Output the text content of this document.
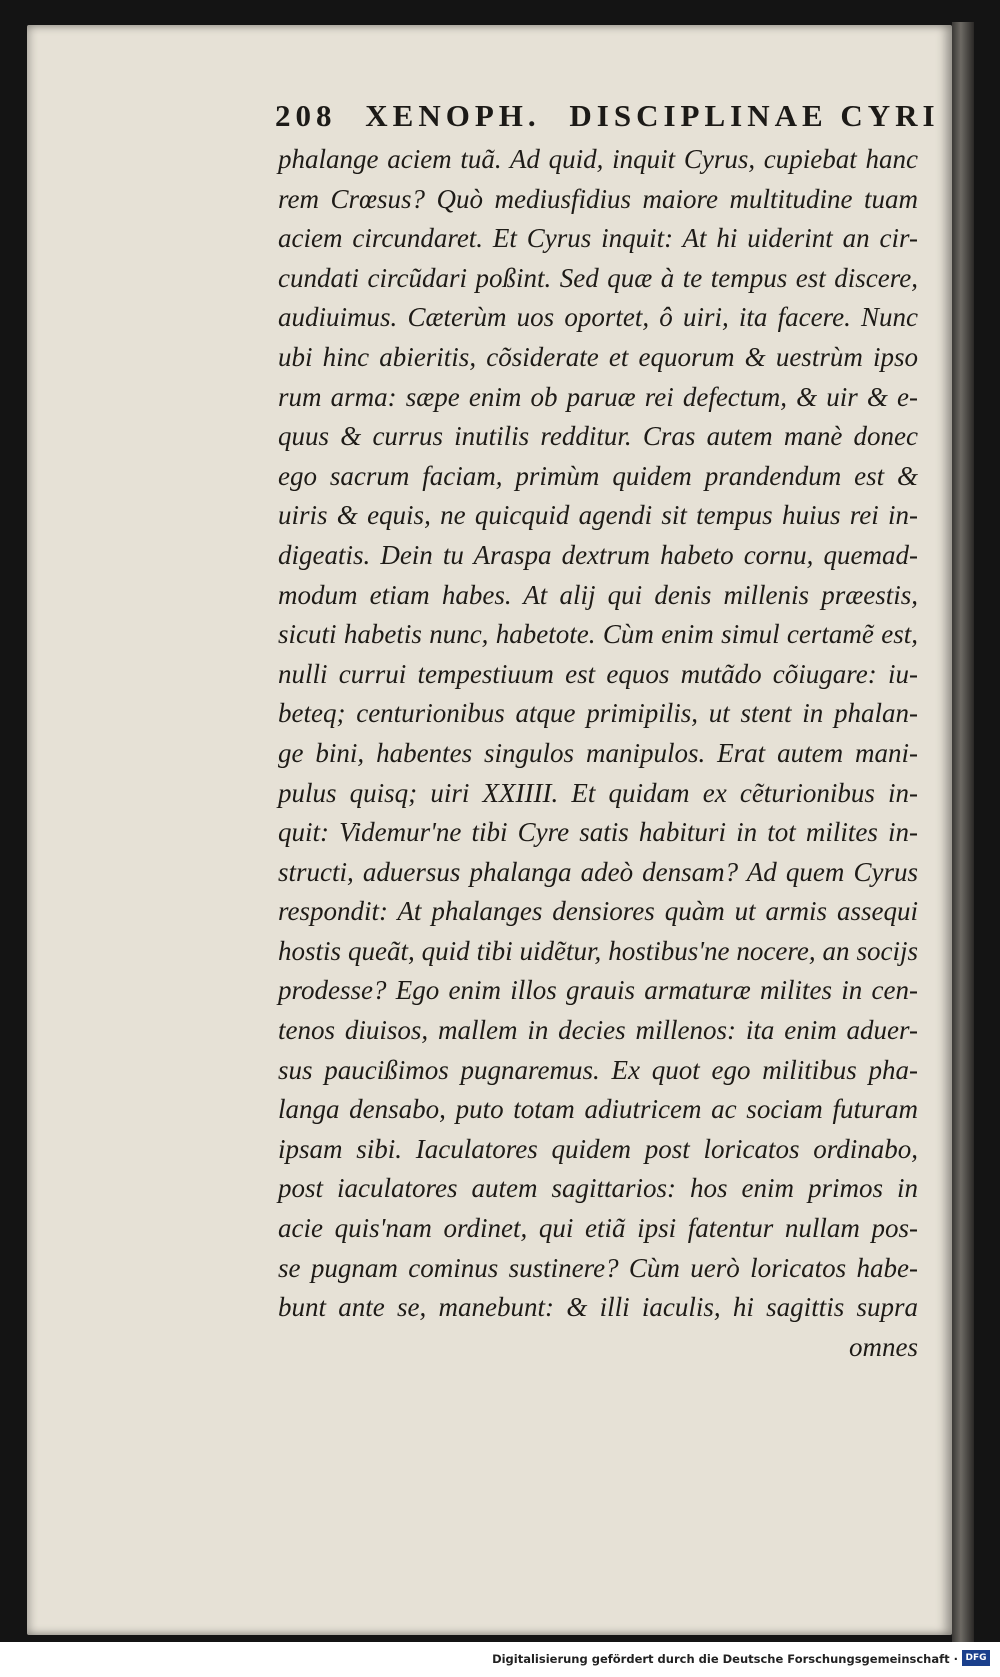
208 XENOPH. DISCIPLINAE CYRI
phalange aciem tuã. Ad quid, inquit Cyrus, cupiebat hanc
rem Crœsus? Quò mediusfidius maiore multitudine tuam
aciem circundaret. Et Cyrus inquit: At hi uiderint an cir-
cundati circũdari poßint. Sed quæ à te tempus est discere,
audiuimus. Cæterùm uos oportet, ô uiri, ita facere. Nunc
ubi hinc abieritis, cõsiderate et equorum & uestrùm ipso
rum arma: sæpe enim ob paruæ rei defectum, & uir & e-
quus & currus inutilis redditur. Cras autem manè donec
ego sacrum faciam, primùm quidem prandendum est &
uiris & equis, ne quicquid agendi sit tempus huius rei in-
digeatis. Dein tu Araspa dextrum habeto cornu, quemad-
modum etiam habes. At alij qui denis millenis præestis,
sicuti habetis nunc, habetote. Cùm enim simul certamẽ est,
nulli currui tempestiuum est equos mutãdo cõiugare: iu-
beteq; centurionibus atque primipilis, ut stent in phalan-
ge bini, habentes singulos manipulos. Erat autem mani-
pulus quisq; uiri XXIIII. Et quidam ex cẽturionibus in-
quit: Videmur'ne tibi Cyre satis habituri in tot milites in-
structi, aduersus phalanga adeò densam? Ad quem Cyrus
respondit: At phalanges densiores quàm ut armis assequi
hostis queãt, quid tibi uidẽtur, hostibus'ne nocere, an socijs
prodesse? Ego enim illos grauis armaturæ milites in cen-
tenos diuisos, mallem in decies millenos: ita enim aduer-
sus paucißimos pugnaremus. Ex quot ego militibus pha-
langa densabo, puto totam adiutricem ac sociam futuram
ipsam sibi. Iaculatores quidem post loricatos ordinabo,
post iaculatores autem sagittarios: hos enim primos in
acie quis'nam ordinet, qui etiã ipsi fatentur nullam pos-
se pugnam cominus sustinere? Cùm uerò loricatos habe-
bunt ante se, manebunt: & illi iaculis, hi sagittis supra
omnes
Digitalisierung gefördert durch die Deutsche Forschungsgemeinschaft · DFG
